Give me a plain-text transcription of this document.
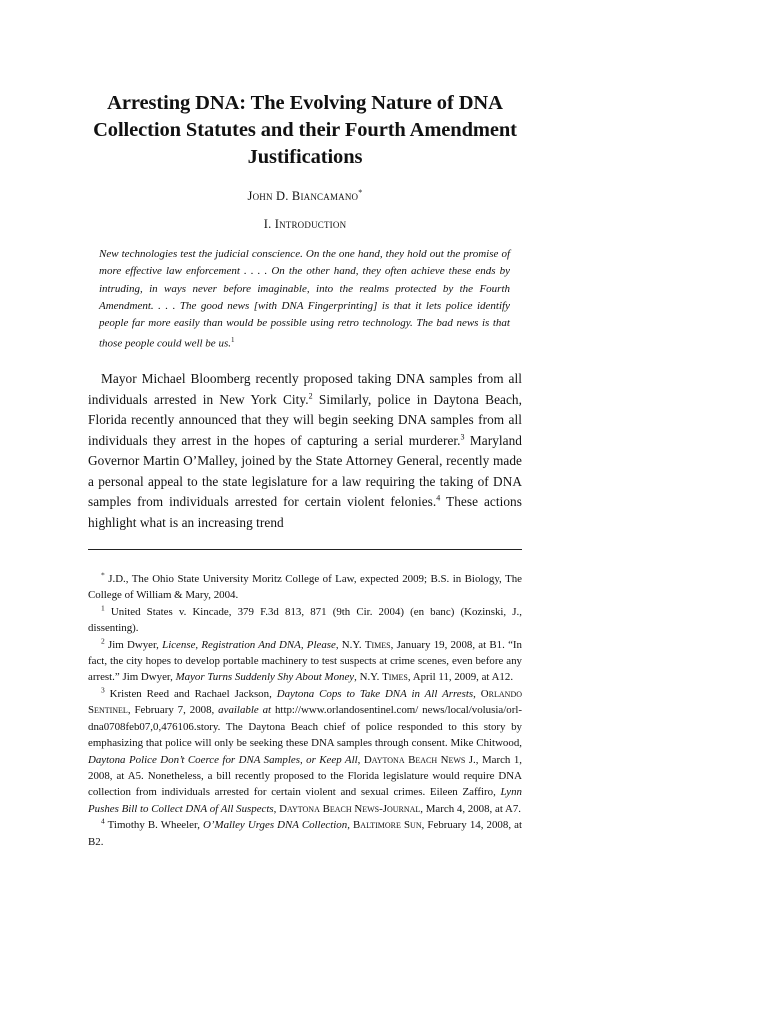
Arresting DNA: The Evolving Nature of DNA
Collection Statutes and their Fourth Amendment
Justifications
John D. Biancamano*
I. Introduction
New technologies test the judicial conscience. On the one hand, they hold out the promise of more effective law enforcement . . . . On the other hand, they often achieve these ends by intruding, in ways never before imaginable, into the realms protected by the Fourth Amendment. . . . The good news [with DNA Fingerprinting] is that it lets police identify people far more easily than would be possible using retro technology. The bad news is that those people could well be us.$^1$
Mayor Michael Bloomberg recently proposed taking DNA samples from all individuals arrested in New York City.$^2$ Similarly, police in Daytona Beach, Florida recently announced that they will begin seeking DNA samples from all individuals they arrest in the hopes of capturing a serial murderer.$^3$ Maryland Governor Martin O’Malley, joined by the State Attorney General, recently made a personal appeal to the state legislature for a law requiring the taking of DNA samples from individuals arrested for certain violent felonies.$^4$ These actions highlight what is an increasing trend

* J.D., The Ohio State University Moritz College of Law, expected 2009; B.S. in Biology, The College of William & Mary, 2004.

$^1$ United States v. Kincade, 379 F.3d 813, 871 (9th Cir. 2004) (en banc) (Kozinski, J., dissenting).

$^2$ Jim Dwyer, License, Registration And DNA, Please, N.Y. Times, January 19, 2008, at B1. “In fact, the city hopes to develop portable machinery to test suspects at crime scenes, even before any arrest.” Jim Dwyer, Mayor Turns Suddenly Shy About Money, N.Y. Times, April 11, 2009, at A12.

$^3$ Kristen Reed and Rachael Jackson, Daytona Cops to Take DNA in All Arrests, Orlando Sentinel, February 7, 2008, available at http://www.orlandosentinel.com/ news/local/volusia/orl-dna0708feb07,0,476106.story. The Daytona Beach chief of police responded to this story by emphasizing that police will only be seeking these DNA samples through consent. Mike Chitwood, Daytona Police Don’t Coerce for DNA Samples, or Keep All, Daytona Beach News J., March 1, 2008, at A5. Nonetheless, a bill recently proposed to the Florida legislature would require DNA collection from individuals arrested for certain violent and sexual crimes. Eileen Zaffiro, Lynn Pushes Bill to Collect DNA of All Suspects, Daytona Beach News-Journal, March 4, 2008, at A7.

$^4$ Timothy B. Wheeler, O’Malley Urges DNA Collection, Baltimore Sun, February 14, 2008, at B2.
